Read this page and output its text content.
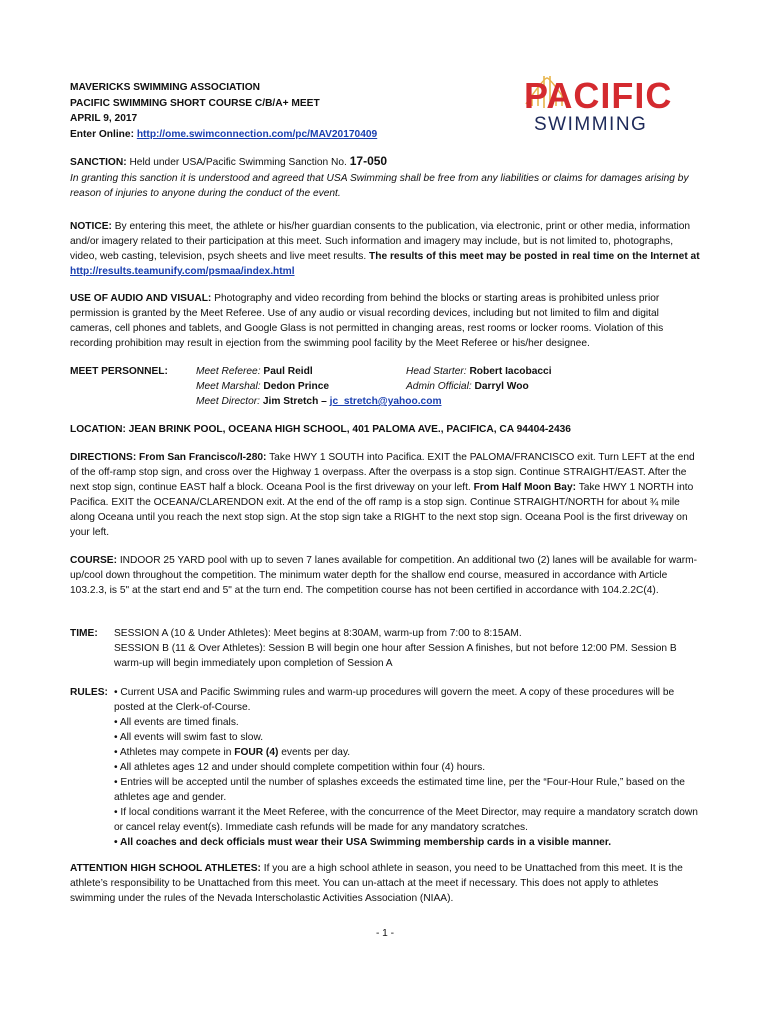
MAVERICKS SWIMMING ASSOCIATION
PACIFIC SWIMMING SHORT COURSE C/B/A+ MEET
APRIL 9, 2017
Enter Online: http://ome.swimconnection.com/pc/MAV20170409
PACIFIC
SWIMMING
SANCTION: Held under USA/Pacific Swimming Sanction No. 17-050
In granting this sanction it is understood and agreed that USA Swimming shall be free from any liabilities or claims for damages arising by reason of injuries to anyone during the conduct of the event.
NOTICE: By entering this meet, the athlete or his/her guardian consents to the publication, via electronic, print or other media, information and/or imagery related to their participation at this meet. Such information and imagery may include, but is not limited to, photographs, video, web casting, television, psych sheets and live meet results. The results of this meet may be posted in real time on the Internet at http://results.teamunify.com/psmaa/index.html
USE OF AUDIO AND VISUAL: Photography and video recording from behind the blocks or starting areas is prohibited unless prior permission is granted by the Meet Referee. Use of any audio or visual recording devices, including but not limited to film and digital cameras, cell phones and tablets, and Google Glass is not permitted in changing areas, rest rooms or locker rooms. Violation of this recording prohibition may result in ejection from the swimming pool facility by the Meet Referee or his/her designee.
MEET PERSONNEL:	Meet Referee: Paul Reidl
Meet Marshal: Dedon Prince
Meet Director: Jim Stretch – jc_stretch@yahoo.com
Head Starter: Robert Iacobacci
Admin Official: Darryl Woo
LOCATION: JEAN BRINK POOL, OCEANA HIGH SCHOOL, 401 PALOMA AVE., PACIFICA, CA 94404-2436
DIRECTIONS: From San Francisco/I-280: Take HWY 1 SOUTH into Pacifica. EXIT the PALOMA/FRANCISCO exit. Turn LEFT at the end of the off-ramp stop sign, and cross over the Highway 1 overpass. After the overpass is a stop sign. Continue STRAIGHT/EAST. After the next stop sign, continue EAST half a block. Oceana Pool is the first driveway on your left. From Half Moon Bay: Take HWY 1 NORTH into Pacifica. EXIT the OCEANA/CLARENDON exit. At the end of the off ramp is a stop sign. Continue STRAIGHT/NORTH for about ¾ mile along Oceana until you reach the next stop sign. At the stop sign take a RIGHT to the next stop sign. Oceana Pool is the first driveway on your left.
COURSE: INDOOR 25 YARD pool with up to seven 7 lanes available for competition. An additional two (2) lanes will be available for warm-up/cool down throughout the competition. The minimum water depth for the shallow end course, measured in accordance with Article 103.2.3, is 5" at the start end and 5" at the turn end. The competition course has not been certified in accordance with 104.2.2C(4).
TIME: SESSION A (10 & Under Athletes): Meet begins at 8:30AM, warm-up from 7:00 to 8:15AM.
SESSION B (11 & Over Athletes): Session B will begin one hour after Session A finishes, but not before 12:00 PM. Session B warm-up will begin immediately upon completion of Session A
RULES: • Current USA and Pacific Swimming rules and warm-up procedures will govern the meet. A copy of these procedures will be posted at the Clerk-of-Course.
• All events are timed finals.
• All events will swim fast to slow.
• Athletes may compete in FOUR (4) events per day.
• All athletes ages 12 and under should complete competition within four (4) hours.
• Entries will be accepted until the number of splashes exceeds the estimated time line, per the “Four-Hour Rule,” based on the athletes age and gender.
• If local conditions warrant it the Meet Referee, with the concurrence of the Meet Director, may require a mandatory scratch down or cancel relay event(s). Immediate cash refunds will be made for any mandatory scratches.
• All coaches and deck officials must wear their USA Swimming membership cards in a visible manner.
ATTENTION HIGH SCHOOL ATHLETES: If you are a high school athlete in season, you need to be Unattached from this meet. It is the athlete’s responsibility to be Unattached from this meet. You can un-attach at the meet if necessary. This does not apply to athletes swimming under the rules of the Nevada Interscholastic Activities Association (NIAA).
- 1 -
